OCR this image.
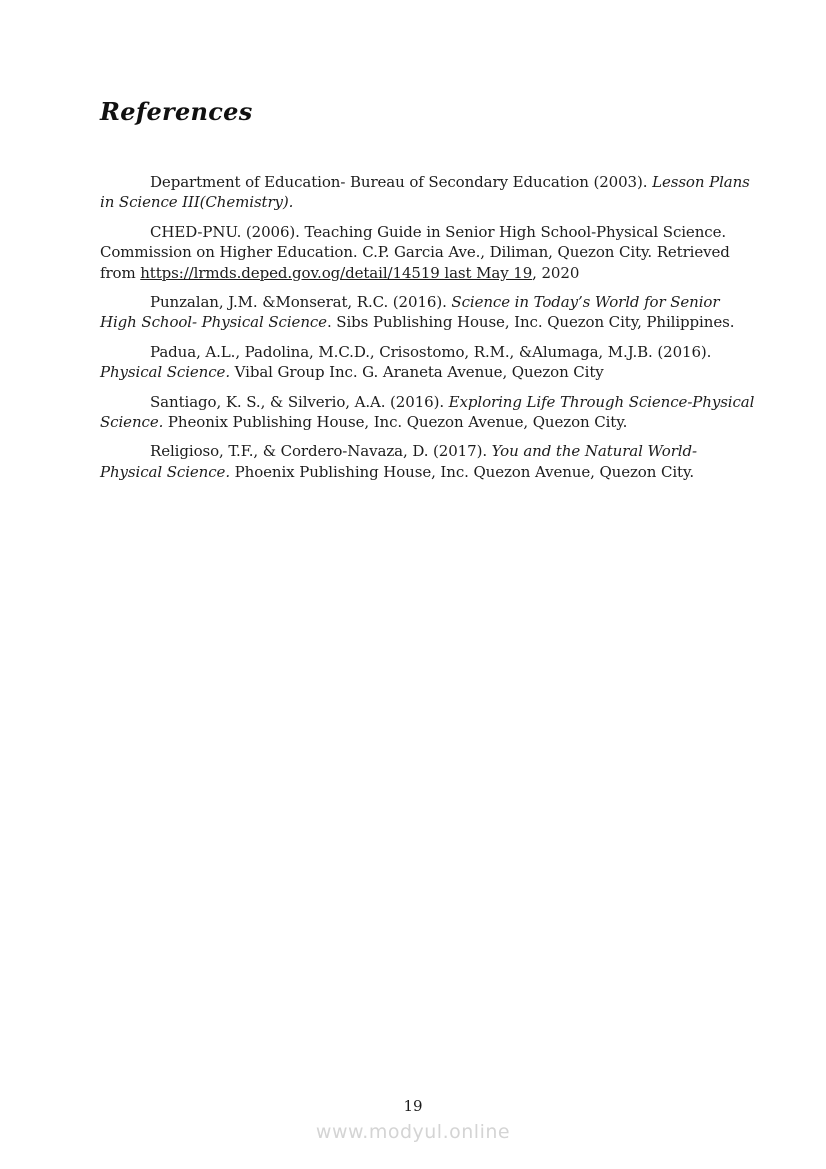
References
Department of Education- Bureau of Secondary Education (2003). Lesson Plans
in Science III(Chemistry).
CHED-PNU. (2006). Teaching Guide in Senior High School-Physical Science.
Commission on Higher Education. C.P. Garcia Ave., Diliman, Quezon City. Retrieved
from https://lrmds.deped.gov.og/detail/14519 last May 19, 2020
Punzalan, J.M. &Monserat, R.C. (2016). Science in Today’s World for Senior
High School- Physical Science. Sibs Publishing House, Inc. Quezon City, Philippines.
Padua, A.L., Padolina, M.C.D., Crisostomo, R.M., &Alumaga, M.J.B. (2016).
Physical Science. Vibal Group Inc. G. Araneta Avenue, Quezon City
Santiago, K. S., & Silverio, A.A. (2016). Exploring Life Through Science-Physical
Science. Pheonix Publishing House, Inc. Quezon Avenue, Quezon City.
Religioso, T.F., & Cordero-Navaza, D. (2017). You and the Natural World-
Physical Science. Phoenix Publishing House, Inc. Quezon Avenue, Quezon City.
19
www.modyul.online
